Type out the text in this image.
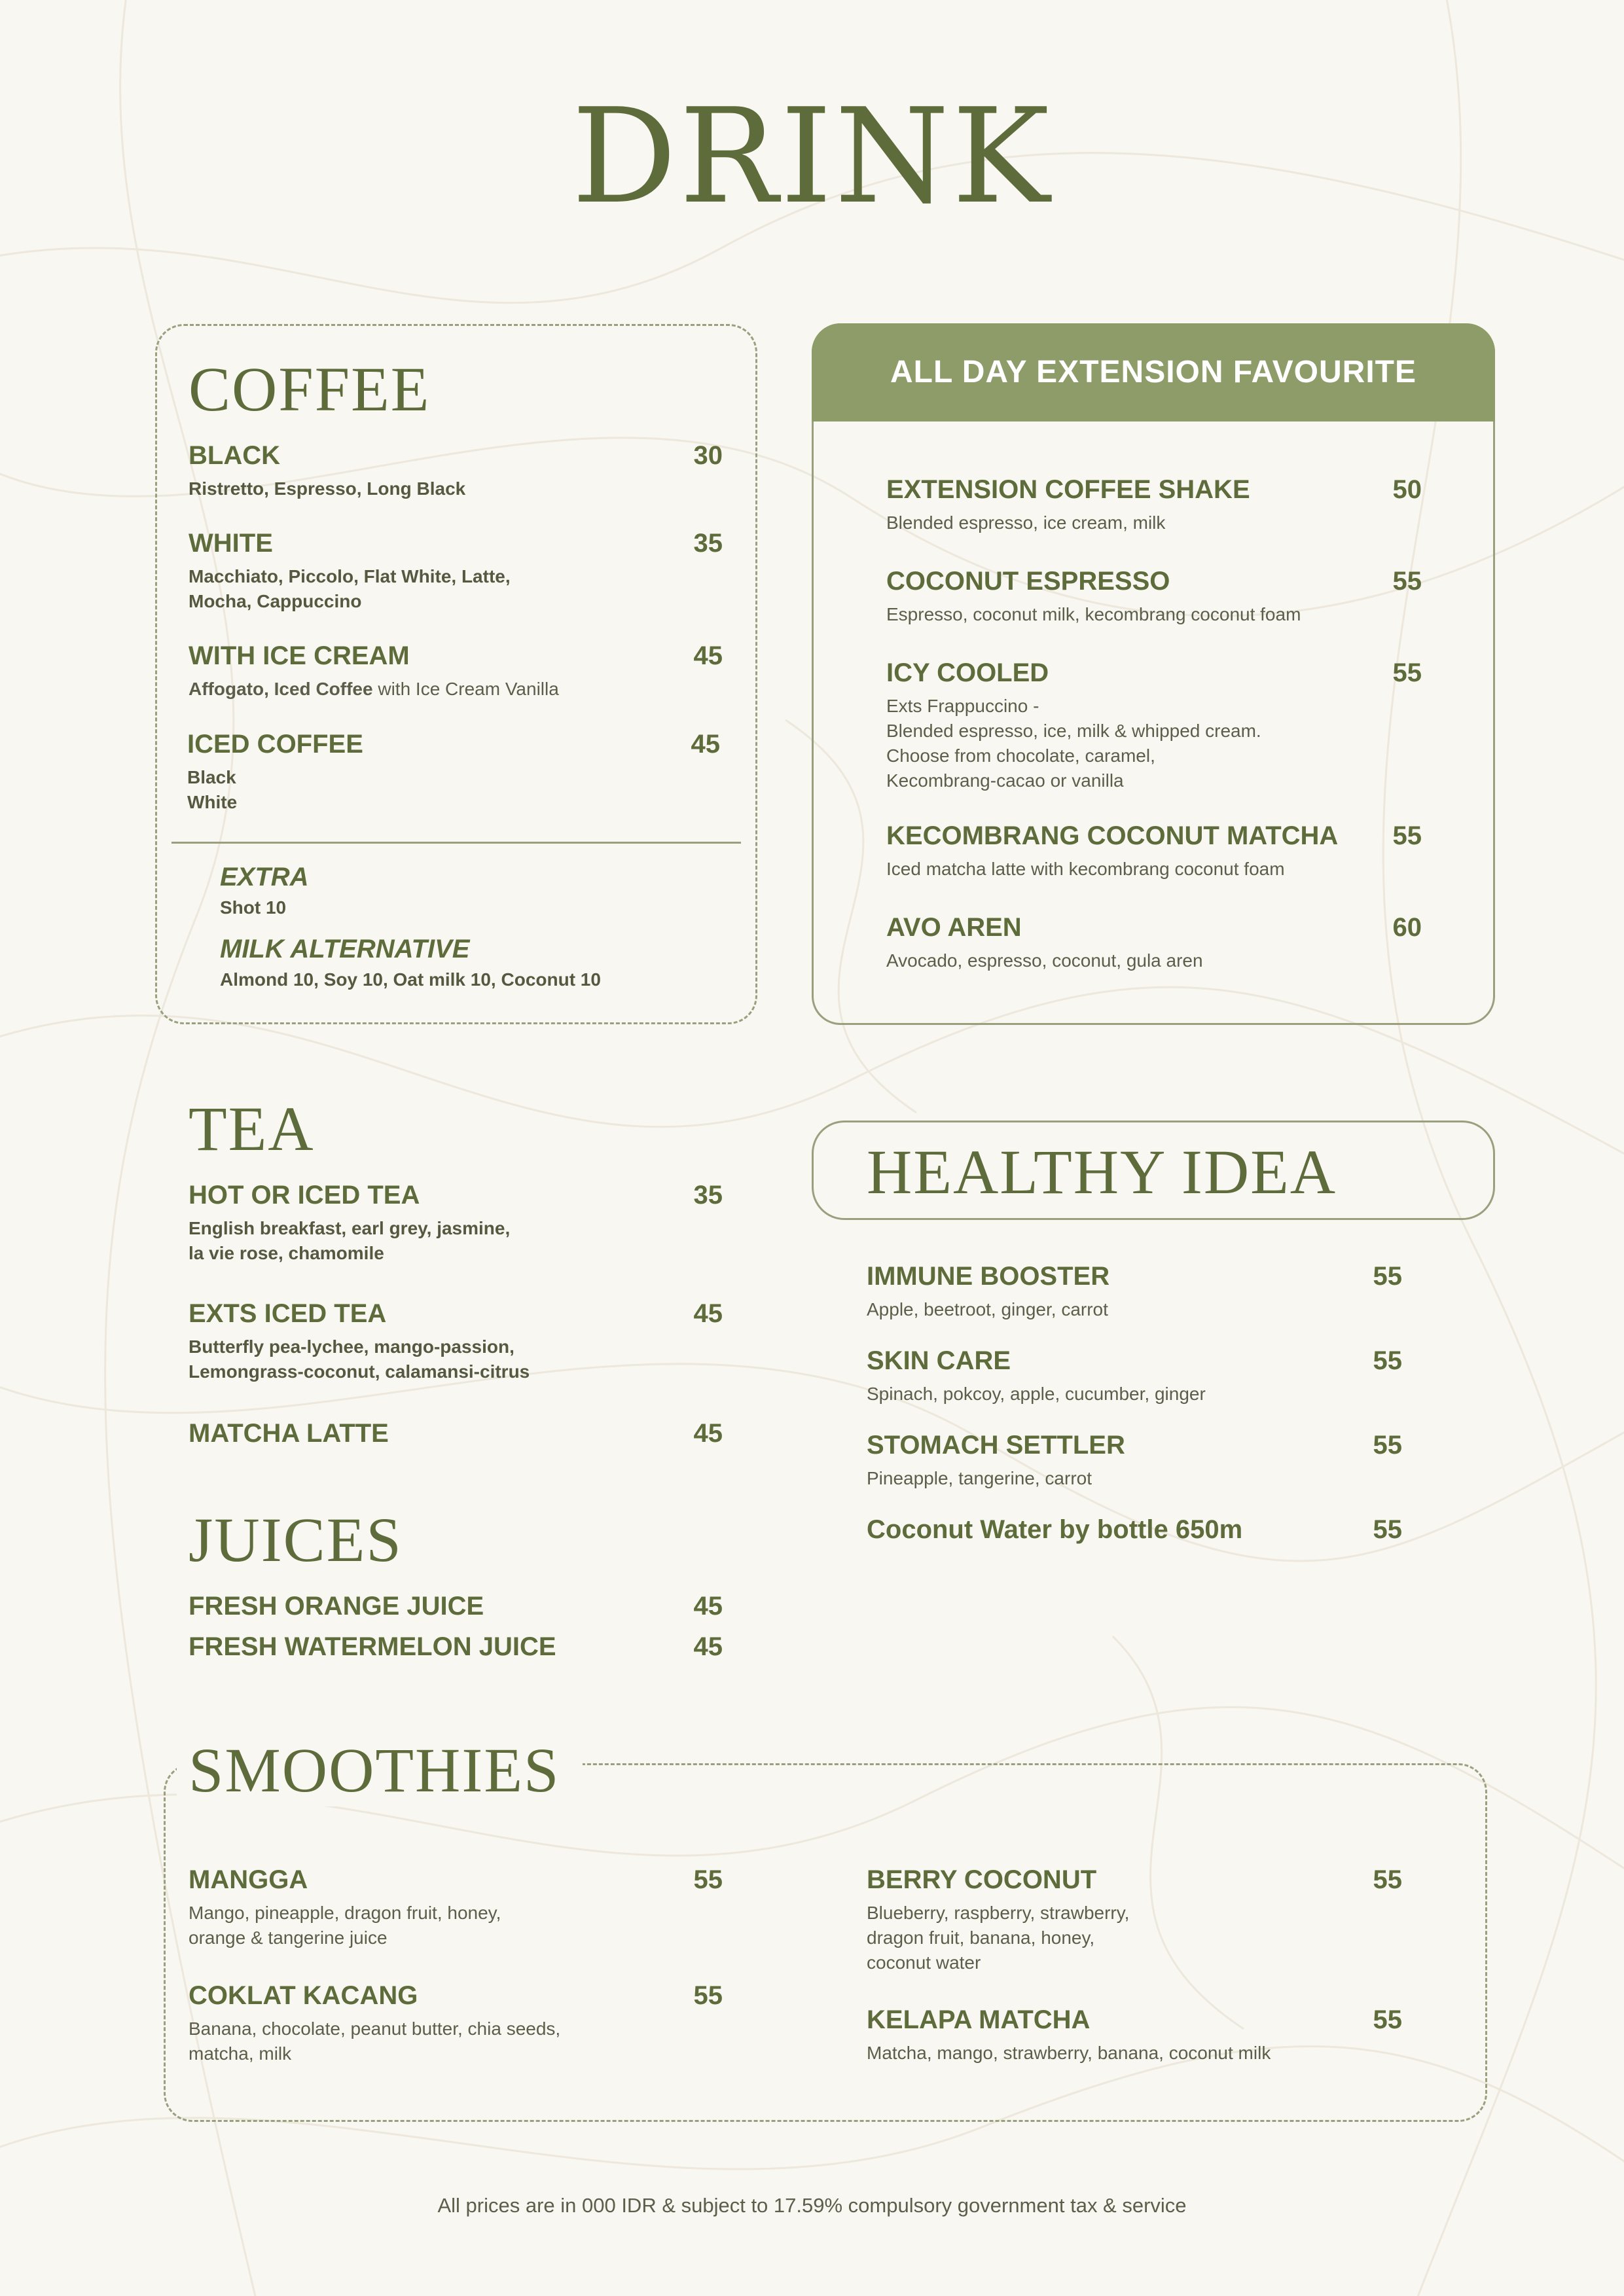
DRINK
COFFEE
BLACK	30
Ristretto, Espresso, Long Black
WHITE	35
Macchiato, Piccolo, Flat White, Latte,
Mocha, Cappuccino
WITH ICE CREAM	45
Affogato, Iced Coffee with Ice Cream Vanilla
ICED COFFEE	45
Black
White
EXTRA
Shot 10
MILK ALTERNATIVE
Almond 10, Soy 10, Oat milk 10, Coconut 10
ALL DAY EXTENSION FAVOURITE
EXTENSION COFFEE SHAKE	50
Blended espresso, ice cream, milk
COCONUT ESPRESSO	55
Espresso, coconut milk, kecombrang coconut foam
ICY COOLED	55
Exts Frappuccino -
Blended espresso, ice, milk & whipped cream.
Choose from chocolate, caramel,
Kecombrang-cacao or vanilla
KECOMBRANG COCONUT MATCHA	55
Iced matcha latte with kecombrang coconut foam
AVO AREN	60
Avocado, espresso, coconut, gula aren
TEA
HOT OR ICED TEA	35
English breakfast, earl grey, jasmine,
la vie rose, chamomile
EXTS ICED TEA	45
Butterfly pea-lychee, mango-passion,
Lemongrass-coconut, calamansi-citrus
MATCHA LATTE	45
HEALTHY IDEA
IMMUNE BOOSTER	55
Apple, beetroot, ginger, carrot
SKIN CARE	55
Spinach, pokcoy, apple, cucumber, ginger
STOMACH SETTLER	55
Pineapple, tangerine, carrot
Coconut Water by bottle 650m	55
JUICES
FRESH ORANGE JUICE	45
FRESH WATERMELON JUICE	45
SMOOTHIES
MANGGA	55
Mango, pineapple, dragon fruit, honey,
orange & tangerine juice
COKLAT KACANG	55
Banana, chocolate, peanut butter, chia seeds,
matcha, milk
BERRY COCONUT	55
Blueberry, raspberry, strawberry,
dragon fruit, banana, honey,
coconut water
KELAPA MATCHA	55
Matcha, mango, strawberry, banana, coconut milk
All prices are in 000 IDR & subject to 17.59% compulsory government tax & service
